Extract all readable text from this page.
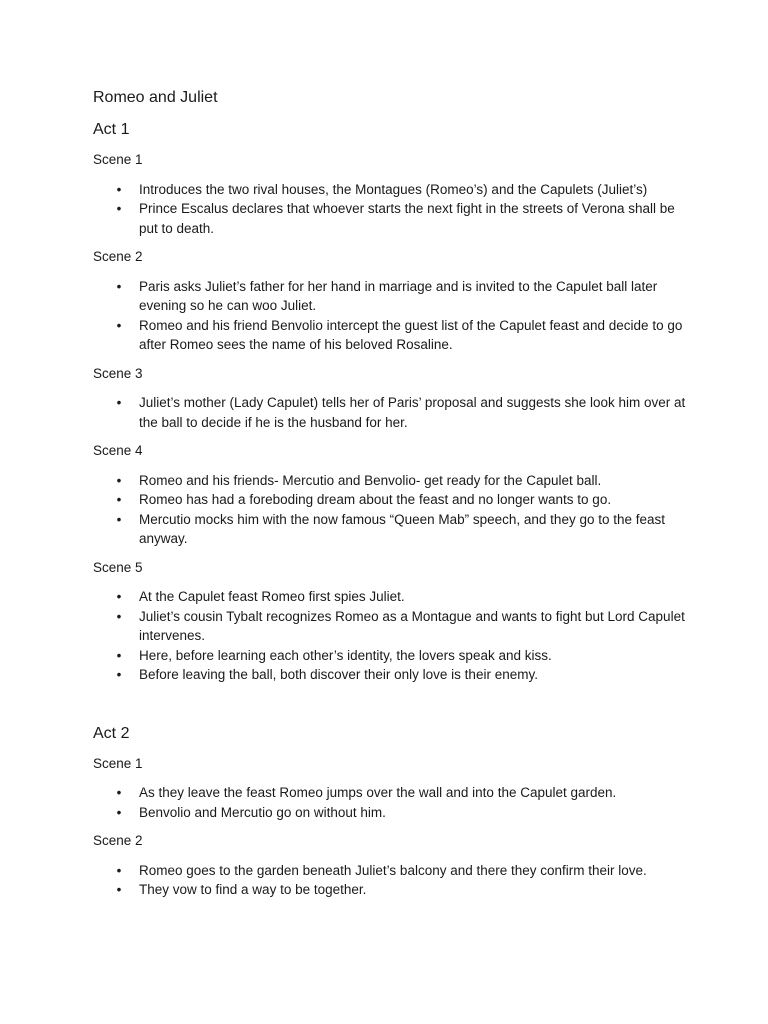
Romeo and Juliet
Act 1
Scene 1
• Introduces the two rival houses, the Montagues (Romeo’s) and the Capulets (Juliet’s)
• Prince Escalus declares that whoever starts the next fight in the streets of Verona shall be put to death.
Scene 2
• Paris asks Juliet’s father for her hand in marriage and is invited to the Capulet ball later evening so he can woo Juliet.
• Romeo and his friend Benvolio intercept the guest list of the Capulet feast and decide to go after Romeo sees the name of his beloved Rosaline.
Scene 3
• Juliet’s mother (Lady Capulet) tells her of Paris’ proposal and suggests she look him over at the ball to decide if he is the husband for her.
Scene 4
• Romeo and his friends- Mercutio and Benvolio- get ready for the Capulet ball.
• Romeo has had a foreboding dream about the feast and no longer wants to go.
• Mercutio mocks him with the now famous “Queen Mab” speech, and they go to the feast anyway.
Scene 5
• At the Capulet feast Romeo first spies Juliet.
• Juliet’s cousin Tybalt recognizes Romeo as a Montague and wants to fight but Lord Capulet intervenes.
• Here, before learning each other’s identity, the lovers speak and kiss.
• Before leaving the ball, both discover their only love is their enemy.
Act 2
Scene 1
• As they leave the feast Romeo jumps over the wall and into the Capulet garden.
• Benvolio and Mercutio go on without him.
Scene 2
• Romeo goes to the garden beneath Juliet’s balcony and there they confirm their love.
• They vow to find a way to be together.
